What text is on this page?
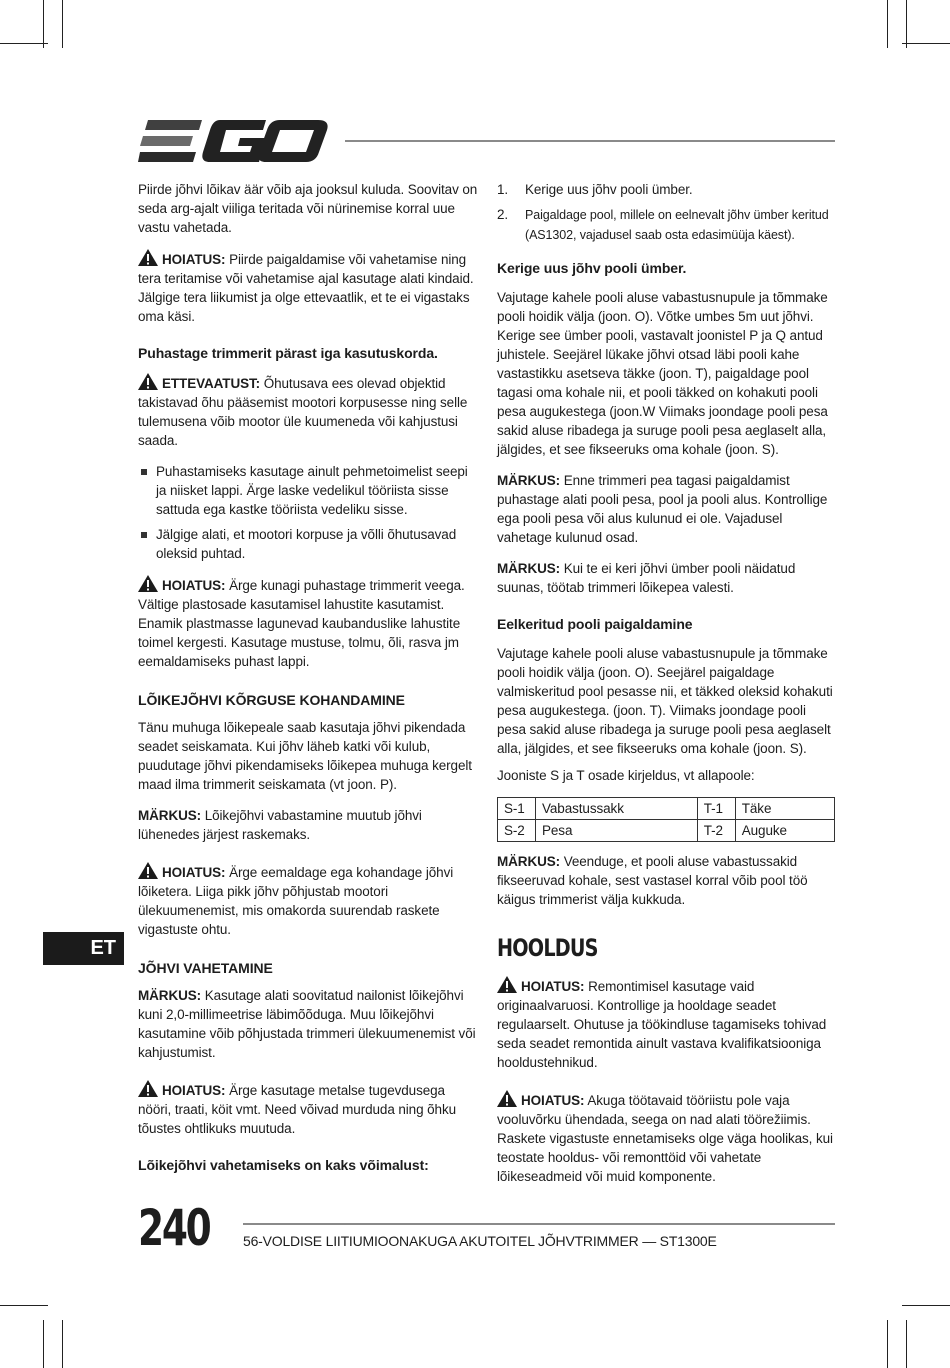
Piirde jõhvi lõikav äär võib aja jooksul kuluda. Soovitav on seda arg-ajalt viiliga teritada või nürinemise korral uue vastu vahetada.

HOIATUS: Piirde paigaldamise või vahetamise ning tera teritamise või vahetamise ajal kasutage alati kindaid. Jälgige tera liikumist ja olge ettevaatlik, et te ei vigastaks oma käsi.

Puhastage trimmerit pärast iga kasutuskorda.

ETTEVAATUST: Õhutusava ees olevad objektid takistavad õhu pääsemist mootori korpusesse ning selle tulemusena võib mootor üle kuumeneda või kahjustusi saada.

Puhastamiseks kasutage ainult pehmetoimelist seepi ja niisket lappi. Ärge laske vedelikul tööriista sisse sattuda ega kastke tööriista vedeliku sisse.
Jälgige alati, et mootori korpuse ja võlli õhutusavad oleksid puhtad.

HOIATUS: Ärge kunagi puhastage trimmerit veega. Vältige plastosade kasutamisel lahustite kasutamist. Enamik plastmasse lagunevad kaubanduslike lahustite toimel kergesti. Kasutage mustuse, tolmu, õli, rasva jm eemaldamiseks puhast lappi.

LÕIKEJÕHVI KÕRGUSE KOHANDAMINE

Tänu muhuga lõikepeale saab kasutaja jõhvi pikendada seadet seiskamata. Kui jõhv läheb katki või kulub, puudutage jõhvi pikendamiseks lõikepea muhuga kergelt maad ilma trimmerit seiskamata (vt joon. P).

MÄRKUS: Lõikejõhvi vabastamine muutub jõhvi lühenedes järjest raskemaks.

HOIATUS: Ärge eemaldage ega kohandage jõhvi lõiketera. Liiga pikk jõhv põhjustab mootori ülekuumenemist, mis omakorda suurendab raskete vigastuste ohtu.

JÕHVI VAHETAMINE

MÄRKUS: Kasutage alati soovitatud nailonist lõikejõhvi kuni 2,0-millimeetrise läbimõõduga. Muu lõikejõhvi kasutamine võib põhjustada trimmeri ülekuumenemist või kahjustumist.

HOIATUS: Ärge kasutage metalse tugevdusega nööri, traati, köit vmt. Need võivad murduda ning õhku tõustes ohtlikuks muutuda.

Lõikejõhvi vahetamiseks on kaks võimalust:
1. Kerige uus jõhv pooli ümber.
2. Paigaldage pool, millele on eelnevalt jõhv ümber keritud (AS1302, vajadusel saab osta edasimüüja käest).
Kerige uus jõhv pooli ümber.

Vajutage kahele pooli aluse vabastusnupule ja tõmmake pooli hoidik välja (joon. O). Võtke umbes 5m uut jõhvi. Kerige see ümber pooli, vastavalt joonistel P ja Q antud juhistele. Seejärel lükake jõhvi otsad läbi pooli kahe vastastikku asetseva täkke (joon. T), paigaldage pool tagasi oma kohale nii, et pooli täkked on kohakuti pooli pesa augukestega (joon.W Viimaks joondage pooli pesa sakid aluse ribadega ja suruge pooli pesa aeglaselt alla, jälgides, et see fikseeruks oma kohale (joon. S).

MÄRKUS: Enne trimmeri pea tagasi paigaldamist puhastage alati pooli pesa, pool ja pooli alus. Kontrollige ega pooli pesa või alus kulunud ei ole. Vajadusel vahetage kulunud osad.

MÄRKUS: Kui te ei keri jõhvi ümber pooli näidatud suunas, töötab trimmeri lõikepea valesti.

Eelkeritud pooli paigaldamine

Vajutage kahele pooli aluse vabastusnupule ja tõmmake pooli hoidik välja (joon. O). Seejärel paigaldage valmiskeritud pool pesasse nii, et täkked oleksid kohakuti pesa augukestega. (joon. T). Viimaks joondage pooli pesa sakid aluse ribadega ja suruge pooli pesa aeglaselt alla, jälgides, et see fikseeruks oma kohale (joon. S).

Jooniste S ja T osade kirjeldus, vt allapoole:

S-1	Vabastussakk	T-1	Täke
S-2	Pesa	T-2	Auguke

MÄRKUS: Veenduge, et pooli aluse vabastussakid fikseeruvad kohale, sest vastasel korral võib pool töö käigus trimmerist välja kukkuda.

HOOLDUS

HOIATUS: Remontimisel kasutage vaid originaalvaruosi. Kontrollige ja hooldage seadet regulaarselt. Ohutuse ja töökindluse tagamiseks tohivad seda seadet remontida ainult vastava kvalifikatsiooniga hooldustehnikud.

HOIATUS: Akuga töötavaid tööriistu pole vaja vooluvõrku ühendada, seega on nad alati töörežiimis. Raskete vigastuste ennetamiseks olge väga hoolikas, kui teostate hooldus- või remonttöid või vahetate lõikeseadmeid või muid komponente.

ET
240 56-VOLDISE LIITIUMIOONAKUGA AKUTOITEL JÕHVTRIMMER — ST1300E
